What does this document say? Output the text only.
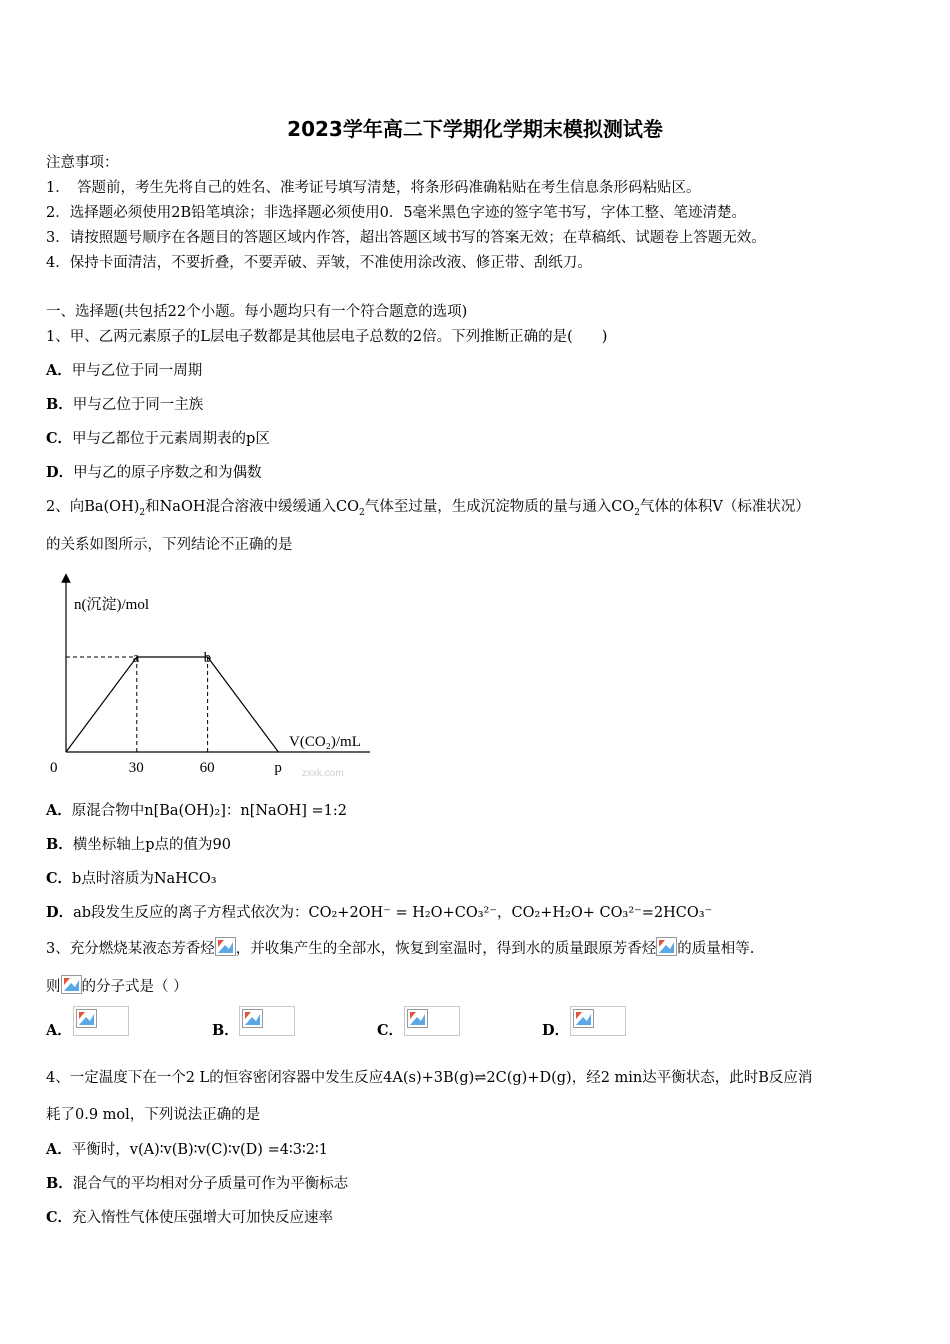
2023学年高二下学期化学期末模拟测试卷
注意事项：
1．　答题前，考生先将自己的姓名、准考证号填写清楚，将条形码准确粘贴在考生信息条形码粘贴区。
2．选择题必须使用2B铅笔填涂；非选择题必须使用0．5毫米黑色字迹的签字笔书写，字体工整、笔迹清楚。
3．请按照题号顺序在各题目的答题区域内作答，超出答题区域书写的答案无效；在草稿纸、试题卷上答题无效。
4．保持卡面清洁，不要折叠，不要弄破、弄皱，不准使用涂改液、修正带、刮纸刀。
一、选择题(共包括22个小题。每小题均只有一个符合题意的选项)
1、甲、乙两元素原子的L层电子数都是其他层电子总数的2倍。下列推断正确的是(　　)
A．甲与乙位于同一周期
B．甲与乙位于同一主族
C．甲与乙都位于元素周期表的p区
D．甲与乙的原子序数之和为偶数
2、向$Ba(OH)_2$和NaOH混合溶液中缓缓通入$CO_2$气体至过量，生成沉淀物质的量与通入$CO_2$气体的体积V（标准状况）
的关系如图所示，下列结论不正确的是
n(沉淀)/mol
V(CO₂)/mL
a	b
0	30	60	p zxxk.com
A．原混合物中n[Ba(OH)₂]：n[NaOH] =1:2
B．横坐标轴上p点的值为90
C．b点时溶质为NaHCO₃
D．ab段发生反应的离子方程式依次为：CO₂+2OH⁻ = H₂O+CO₃²⁻，CO₂+H₂O+ CO₃²⁻=2HCO₃⁻
3、充分燃烧某液态芳香烃 ，并收集产生的全部水，恢复到室温时，得到水的质量跟原芳香烃 的质量相等.
则 的分子式是（ ）
A．	B．	C．	D．
4、一定温度下在一个2 L的恒容密闭容器中发生反应4A(s)+3B(g)⇌2C(g)+D(g)，经2 min达平衡状态，此时B反应消
耗了0.9 mol，下列说法正确的是
A．平衡时，v(A)∶v(B)∶v(C)∶v(D) =4∶3∶2∶1
B．混合气的平均相对分子质量可作为平衡标志
C．充入惰性气体使压强增大可加快反应速率
